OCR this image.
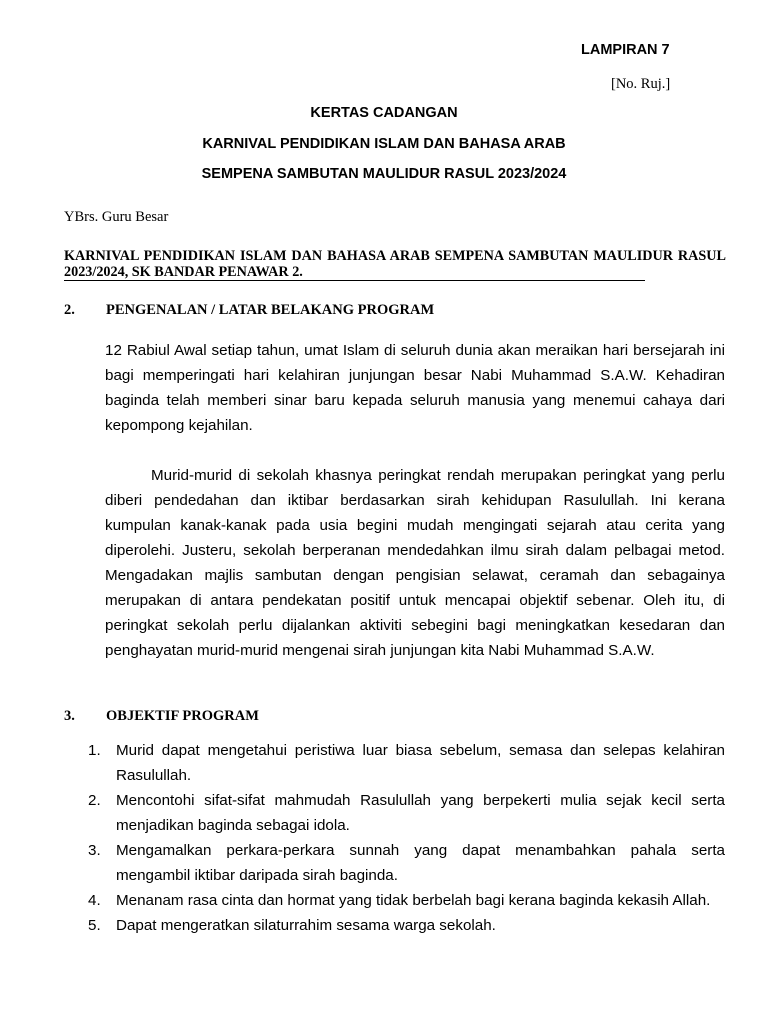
LAMPIRAN 7
[No. Ruj.]
KERTAS CADANGAN
KARNIVAL PENDIDIKAN ISLAM DAN BAHASA ARAB
SEMPENA SAMBUTAN MAULIDUR RASUL 2023/2024
YBrs. Guru Besar
KARNIVAL PENDIDIKAN ISLAM DAN BAHASA ARAB SEMPENA SAMBUTAN MAULIDUR RASUL 2023/2024, SK BANDAR PENAWAR 2.
2. PENGENALAN / LATAR BELAKANG PROGRAM

12 Rabiul Awal setiap tahun, umat Islam di seluruh dunia akan meraikan hari bersejarah ini bagi memperingati hari kelahiran junjungan besar Nabi Muhammad S.A.W. Kehadiran baginda telah memberi sinar baru kepada seluruh manusia yang menemui cahaya dari kepompong kejahilan.

Murid-murid di sekolah khasnya peringkat rendah merupakan peringkat yang perlu diberi pendedahan dan iktibar berdasarkan sirah kehidupan Rasulullah. Ini kerana kumpulan kanak-kanak pada usia begini mudah mengingati sejarah atau cerita yang diperolehi. Justeru, sekolah berperanan mendedahkan ilmu sirah dalam pelbagai metod. Mengadakan majlis sambutan dengan pengisian selawat, ceramah dan sebagainya merupakan di antara pendekatan positif untuk mencapai objektif sebenar. Oleh itu, di peringkat sekolah perlu dijalankan aktiviti sebegini bagi meningkatkan kesedaran dan penghayatan murid-murid mengenai sirah junjungan kita Nabi Muhammad S.A.W.

3. OBJEKTIF PROGRAM
1.	Murid dapat mengetahui peristiwa luar biasa sebelum, semasa dan selepas kelahiran Rasulullah.
2.	Mencontohi sifat-sifat mahmudah Rasulullah yang berpekerti mulia sejak kecil serta menjadikan baginda sebagai idola.
3.	Mengamalkan perkara-perkara sunnah yang dapat menambahkan pahala serta mengambil iktibar daripada sirah baginda.
4.	Menanam rasa cinta dan hormat yang tidak berbelah bagi kerana baginda kekasih Allah.
5.	Dapat mengeratkan silaturrahim sesama warga sekolah.
